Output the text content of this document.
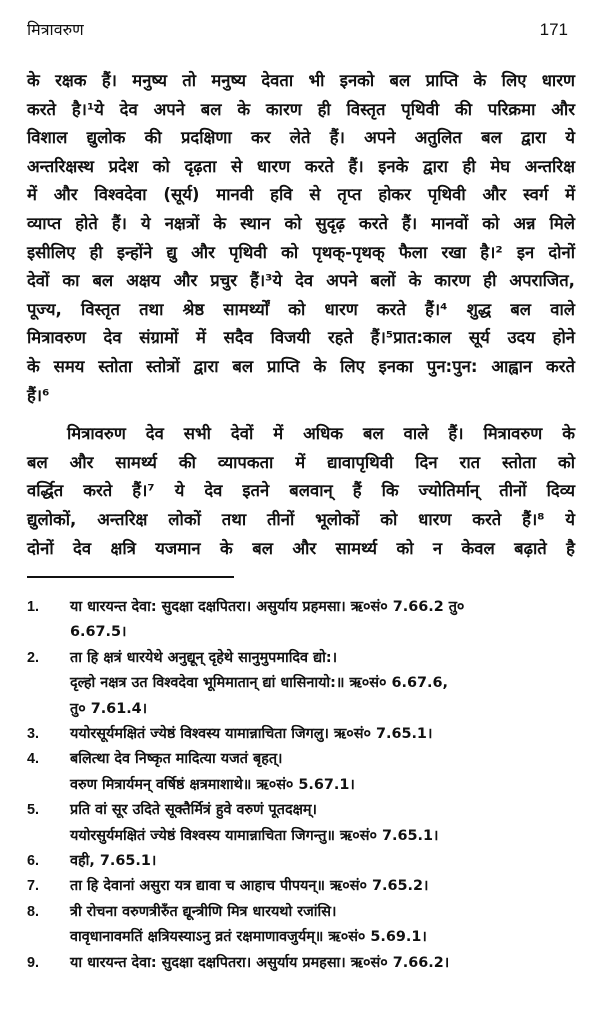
मित्रावरुण	171

के रक्षक हैं। मनुष्य तो मनुष्य देवता भी इनको बल प्राप्ति के लिए धारण
करते है।¹ये देव अपने बल के कारण ही विस्तृत पृथिवी की परिक्रमा और
विशाल द्युलोक की प्रदक्षिणा कर लेते हैं। अपने अतुलित बल द्वारा ये
अन्तरिक्षस्थ प्रदेश को दृढ़ता से धारण करते हैं। इनके द्वारा ही मेघ अन्तरिक्ष
में और विश्वदेवा (सूर्य) मानवी हवि से तृप्त होकर पृथिवी और स्वर्ग में
व्याप्त होते हैं। ये नक्षत्रों के स्थान को सुदृढ़ करते हैं। मानवों को अन्न मिले
इसीलिए ही इन्होंने द्यु और पृथिवी को पृथक्-पृथक् फैला रखा है।² इन दोनों
देवों का बल अक्षय और प्रचुर हैं।³ये देव अपने बलों के कारण ही अपराजित,
पूज्य, विस्तृत तथा श्रेष्ठ सामर्थ्यों को धारण करते हैं।⁴ शुद्ध बल वाले
मित्रावरुण देव संग्रामों में सदैव विजयी रहते हैं।⁵प्रात:काल सूर्य उदय होने
के समय स्तोता स्तोत्रों द्वारा बल प्राप्ति के लिए इनका पुन:पुन: आह्वान करते
हैं।⁶

मित्रावरुण देव सभी देवों में अधिक बल वाले हैं। मित्रावरुण के
बल और सामर्थ्य की व्यापकता में द्यावापृथिवी दिन रात स्तोता को
वर्द्धित करते हैं।⁷ ये देव इतने बलवान् हैं कि ज्योतिर्मान् तीनों दिव्य
द्युलोकों, अन्तरिक्ष लोकों तथा तीनों भूलोकों को धारण करते हैं।⁸ ये
दोनों देव क्षत्रि यजमान के बल और सामर्थ्य को न केवल बढ़ाते है

1.	या धारयन्त देवा: सुदक्षा दक्षपितरा। असुर्याय प्रहमसा। ऋ०सं० 7.66.2 तु०
6.67.5।
2.	ता हि क्षत्रं धारयेथे अनुद्यून् दृहेथे सानुमुपमादिव द्यो:।
दृल्हो नक्षत्र उत विश्वदेवा भूमिमातान् द्यां धासिनायो:॥ ऋ०सं० 6.67.6,
तु० 7.61.4।
3.	ययोरसूर्यमक्षितं ज्येष्ठं विश्वस्य यामान्नाचिता जिगलु। ऋ०सं० 7.65.1।
4.	बलित्था देव निष्कृत मादित्या यजतं बृहत्।
वरुण मित्रार्यमन् वर्षिष्ठं क्षत्रमाशाथे॥ ऋ०सं० 5.67.1।
5.	प्रति वां सूर उदिते सूक्तैर्मित्रं हुवे वरुणं पूतदक्षम्।
ययोरसुर्यमक्षितं ज्येष्ठं विश्वस्य यामान्नाचिता जिगन्तु॥ ऋ०सं० 7.65.1।
6.	वही, 7.65.1।
7.	ता हि देवानां असुरा यत्र द्यावा च आहाच पीपयन्॥ ऋ०सं० 7.65.2।
8.	त्री रोचना वरुणत्रीरुँत द्यून्त्रीणि मित्र धारयथो रजांसि।
वावृधानावमतिं क्षत्रियस्याऽनु व्रतं रक्षमाणावजुर्यम्॥ ऋ०सं० 5.69.1।
9.	या धारयन्त देवा: सुदक्षा दक्षपितरा। असुर्याय प्रमहसा। ऋ०सं० 7.66.2।
